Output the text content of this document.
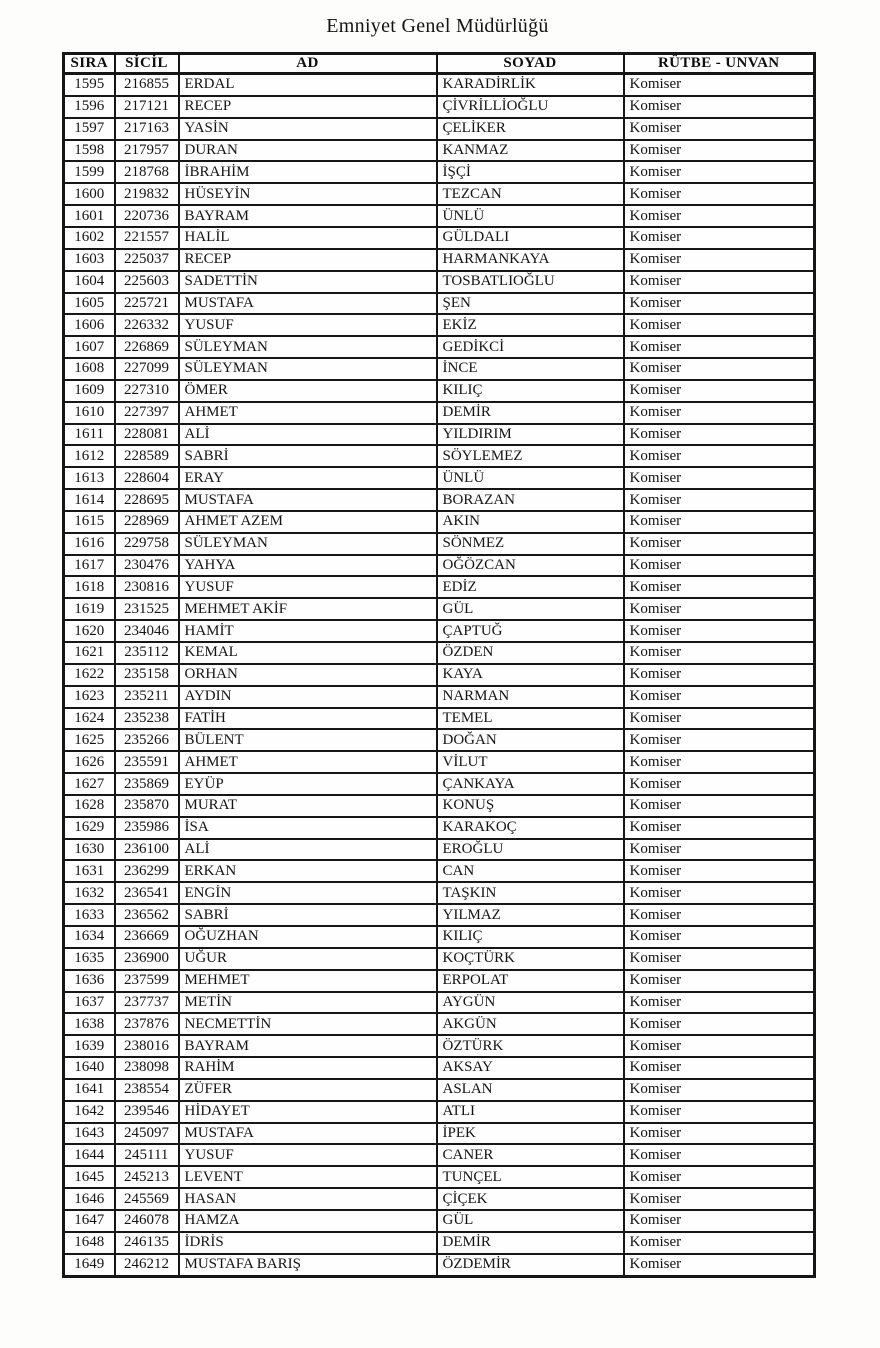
Emniyet Genel Müdürlüğü
SIRA	SİCİL	AD	SOYAD	RÜTBE - UNVAN
1595	216855	ERDAL	KARADİRLİK	Komiser
1596	217121	RECEP	ÇİVRİLLİOĞLU	Komiser
1597	217163	YASİN	ÇELİKER	Komiser
1598	217957	DURAN	KANMAZ	Komiser
1599	218768	İBRAHİM	İŞÇİ	Komiser
1600	219832	HÜSEYİN	TEZCAN	Komiser
1601	220736	BAYRAM	ÜNLÜ	Komiser
1602	221557	HALİL	GÜLDALI	Komiser
1603	225037	RECEP	HARMANKAYA	Komiser
1604	225603	SADETTİN	TOSBATLIOĞLU	Komiser
1605	225721	MUSTAFA	ŞEN	Komiser
1606	226332	YUSUF	EKİZ	Komiser
1607	226869	SÜLEYMAN	GEDİKCİ	Komiser
1608	227099	SÜLEYMAN	İNCE	Komiser
1609	227310	ÖMER	KILIÇ	Komiser
1610	227397	AHMET	DEMİR	Komiser
1611	228081	ALİ	YILDIRIM	Komiser
1612	228589	SABRİ	SÖYLEMEZ	Komiser
1613	228604	ERAY	ÜNLÜ	Komiser
1614	228695	MUSTAFA	BORAZAN	Komiser
1615	228969	AHMET AZEM	AKIN	Komiser
1616	229758	SÜLEYMAN	SÖNMEZ	Komiser
1617	230476	YAHYA	OĞÖZCAN	Komiser
1618	230816	YUSUF	EDİZ	Komiser
1619	231525	MEHMET AKİF	GÜL	Komiser
1620	234046	HAMİT	ÇAPTUĞ	Komiser
1621	235112	KEMAL	ÖZDEN	Komiser
1622	235158	ORHAN	KAYA	Komiser
1623	235211	AYDIN	NARMAN	Komiser
1624	235238	FATİH	TEMEL	Komiser
1625	235266	BÜLENT	DOĞAN	Komiser
1626	235591	AHMET	VİLUT	Komiser
1627	235869	EYÜP	ÇANKAYA	Komiser
1628	235870	MURAT	KONUŞ	Komiser
1629	235986	İSA	KARAKOÇ	Komiser
1630	236100	ALİ	EROĞLU	Komiser
1631	236299	ERKAN	CAN	Komiser
1632	236541	ENGİN	TAŞKIN	Komiser
1633	236562	SABRİ	YILMAZ	Komiser
1634	236669	OĞUZHAN	KILIÇ	Komiser
1635	236900	UĞUR	KOÇTÜRK	Komiser
1636	237599	MEHMET	ERPOLAT	Komiser
1637	237737	METİN	AYGÜN	Komiser
1638	237876	NECMETTİN	AKGÜN	Komiser
1639	238016	BAYRAM	ÖZTÜRK	Komiser
1640	238098	RAHİM	AKSAY	Komiser
1641	238554	ZÜFER	ASLAN	Komiser
1642	239546	HİDAYET	ATLI	Komiser
1643	245097	MUSTAFA	İPEK	Komiser
1644	245111	YUSUF	CANER	Komiser
1645	245213	LEVENT	TUNÇEL	Komiser
1646	245569	HASAN	ÇİÇEK	Komiser
1647	246078	HAMZA	GÜL	Komiser
1648	246135	İDRİS	DEMİR	Komiser
1649	246212	MUSTAFA BARIŞ	ÖZDEMİR	Komiser
